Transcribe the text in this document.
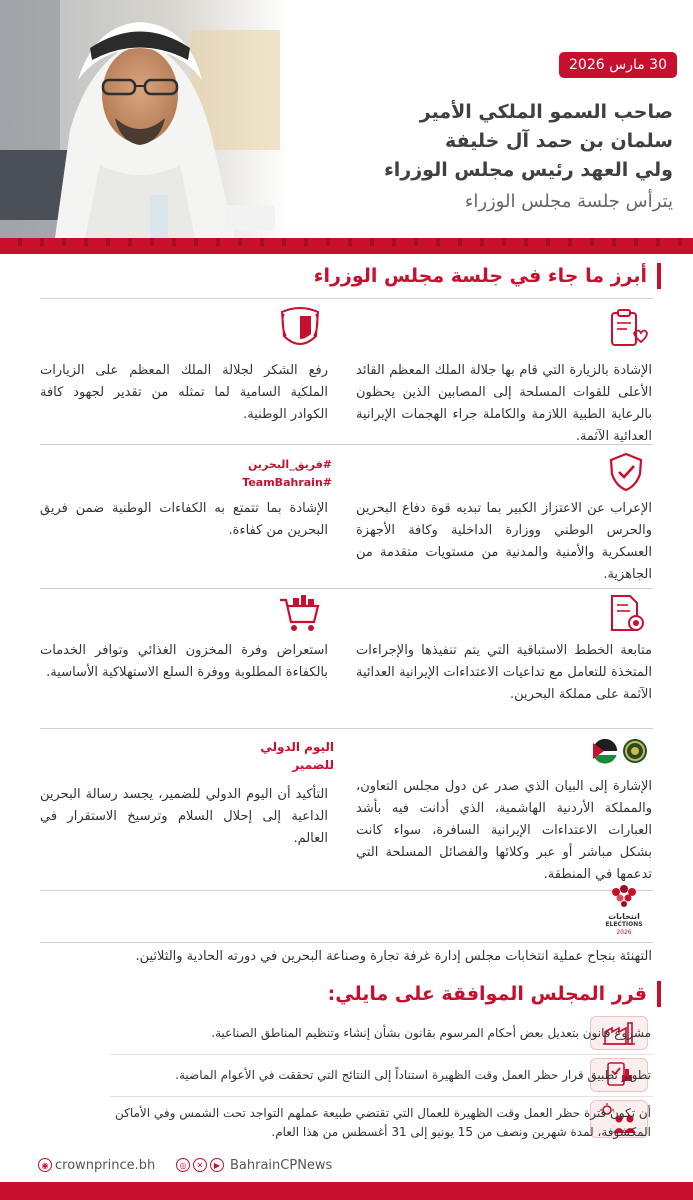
30 مارس 2026
صاحب السمو الملكي الأمير
سلمان بن حمد آل خليفة
ولي العهد رئيس مجلس الوزراء
يترأس جلسة مجلس الوزراء
أبرز ما جاء في جلسة مجلس الوزراء
الإشادة بالزيارة التي قام بها جلالة الملك المعظم القائد الأعلى للقوات المسلحة إلى المصابين الذين يحظون بالرعاية الطبية اللازمة والكاملة جراء الهجمات الإيرانية العدائية الآثمة.
رفع الشكر لجلالة الملك المعظم على الزيارات الملكية السامية لما تمثله من تقدير لجهود كافة الكوادر الوطنية.
#فريق_البحرين
#TeamBahrain
الإعراب عن الاعتزاز الكبير بما تبديه قوة دفاع البحرين والحرس الوطني ووزارة الداخلية وكافة الأجهزة العسكرية والأمنية والمدنية من مستويات متقدمة من الجاهزية.
الإشادة بما تتمتع به الكفاءات الوطنية ضمن فريق البحرين من كفاءة.
متابعة الخطط الاستباقية التي يتم تنفيذها والإجراءات المتخذة للتعامل مع تداعيات الاعتداءات الإيرانية العدائية الآثمة على مملكة البحرين.
استعراض وفرة المخزون الغذائي وتوافر الخدمات بالكفاءة المطلوبة ووفرة السلع الاستهلاكية الأساسية.
اليوم الدولي
للضمير
الإشارة إلى البيان الذي صدر عن دول مجلس التعاون، والمملكة الأردنية الهاشمية، الذي أدانت فيه بأشد العبارات الاعتداءات الإيرانية السافرة، سواء كانت بشكل مباشر أو عبر وكلائها والفصائل المسلحة التي تدعمها في المنطقة.
التأكيد أن اليوم الدولي للضمير، يجسد رسالة البحرين الداعية إلى إحلال السلام وترسيخ الاستقرار في العالم.
انتخابات
ELECTIONS
2026
التهنئة بنجاح عملية انتخابات مجلس إدارة غرفة تجارة وصناعة البحرين في دورته الحادية والثلاثين.
قرر المجلس الموافقة على مايلي:
مشروع قانون بتعديل بعض أحكام المرسوم بقانون بشأن إنشاء وتنظيم المناطق الصناعية.
تطوير تطبيق قرار حظر العمل وقت الظهيرة استناداً إلى النتائج التي تحققت في الأعوام الماضية.
أن تكون فترة حظر العمل وقت الظهيرة للعمال التي تقتضي طبيعة عملهم التواجد تحت الشمس وفي الأماكن المكشوفة، لمدة شهرين ونصف من 15 يونيو إلى 31 أغسطس من هذا العام.
◉ crownprince.bh	◎	✕	▶ BahrainCPNews
